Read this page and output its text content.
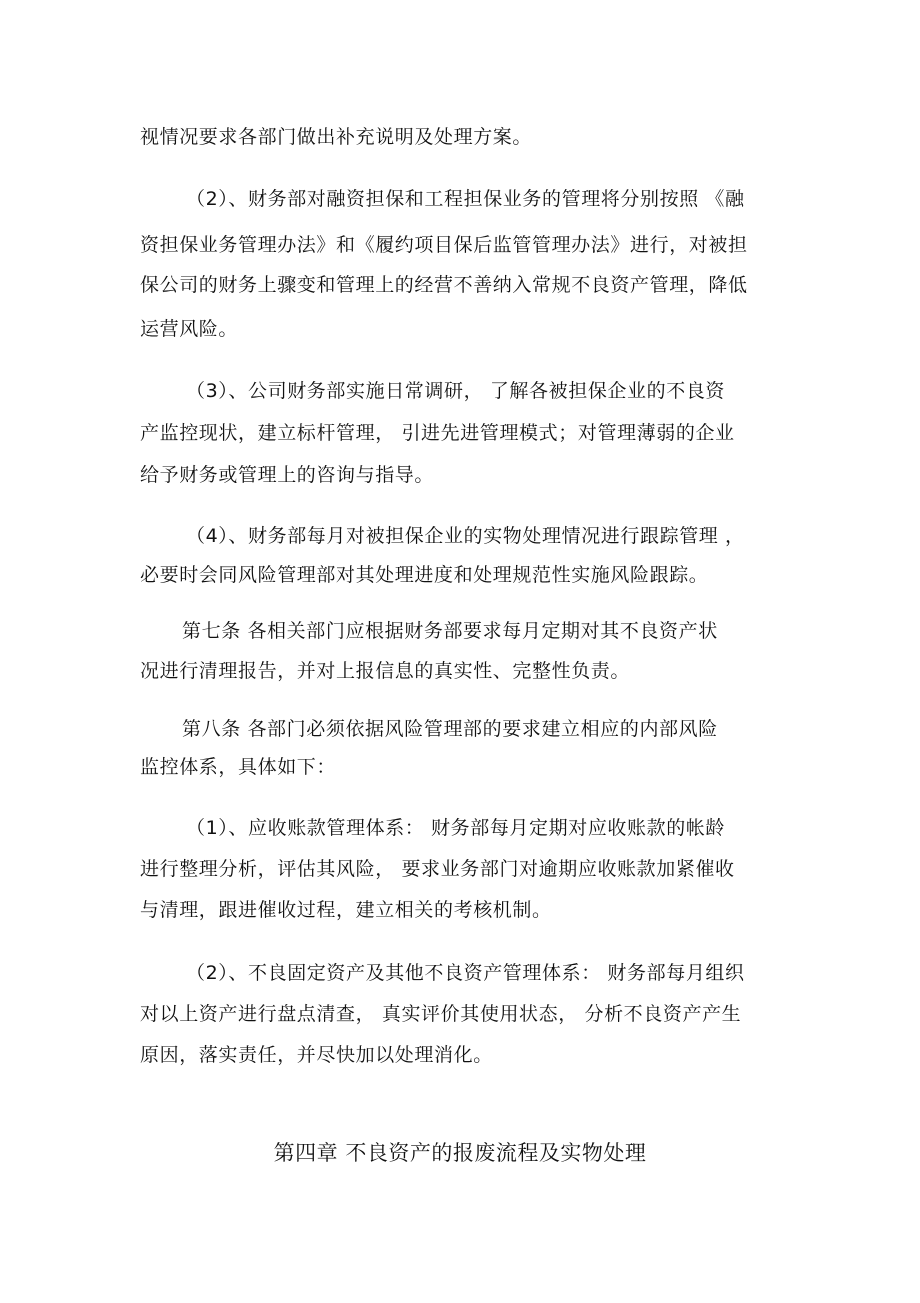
视情况要求各部门做出补充说明及处理方案。
（2）、财务部对融资担保和工程担保业务的管理将分别按照 《融
资担保业务管理办法》和《履约项目保后监管管理办法》进行，对被担
保公司的财务上骤变和管理上的经营不善纳入常规不良资产管理，降低
运营风险。
（3）、公司财务部实施日常调研， 了解各被担保企业的不良资
产监控现状，建立标杆管理， 引进先进管理模式；对管理薄弱的企业
给予财务或管理上的咨询与指导。
（4）、财务部每月对被担保企业的实物处理情况进行跟踪管理 ，
必要时会同风险管理部对其处理进度和处理规范性实施风险跟踪。
第七条 各相关部门应根据财务部要求每月定期对其不良资产状
况进行清理报告，并对上报信息的真实性、完整性负责。
第八条 各部门必须依据风险管理部的要求建立相应的内部风险
监控体系，具体如下：
（1）、应收账款管理体系： 财务部每月定期对应收账款的帐龄
进行整理分析，评估其风险， 要求业务部门对逾期应收账款加紧催收
与清理，跟进催收过程，建立相关的考核机制。
（2）、不良固定资产及其他不良资产管理体系： 财务部每月组织
对以上资产进行盘点清查， 真实评价其使用状态， 分析不良资产产生
原因，落实责任，并尽快加以处理消化。
第四章 不良资产的报废流程及实物处理
